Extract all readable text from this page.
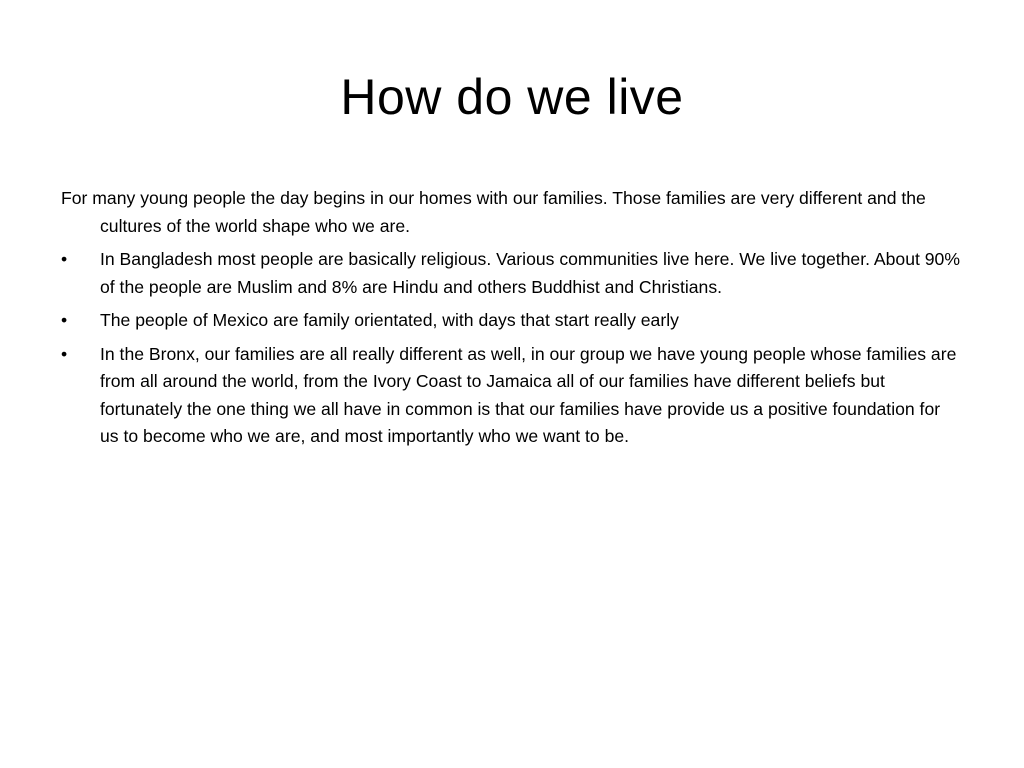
How do we live

For many young people the day begins in our homes with our families. Those families are very different and the cultures of the world shape who we are.

•	In Bangladesh most people are basically religious. Various communities live here. We live together. About 90% of the people are Muslim and 8% are Hindu and others Buddhist and Christians.
•	The people of Mexico are family orientated, with days that start really early
•	In the Bronx, our families are all really different as well, in our group we have young people whose families are from all around the world, from the Ivory Coast to Jamaica all of our families have different beliefs but fortunately the one thing we all have in common is that our families have provide us a positive foundation for us to become who we are, and most importantly who we want to be.
